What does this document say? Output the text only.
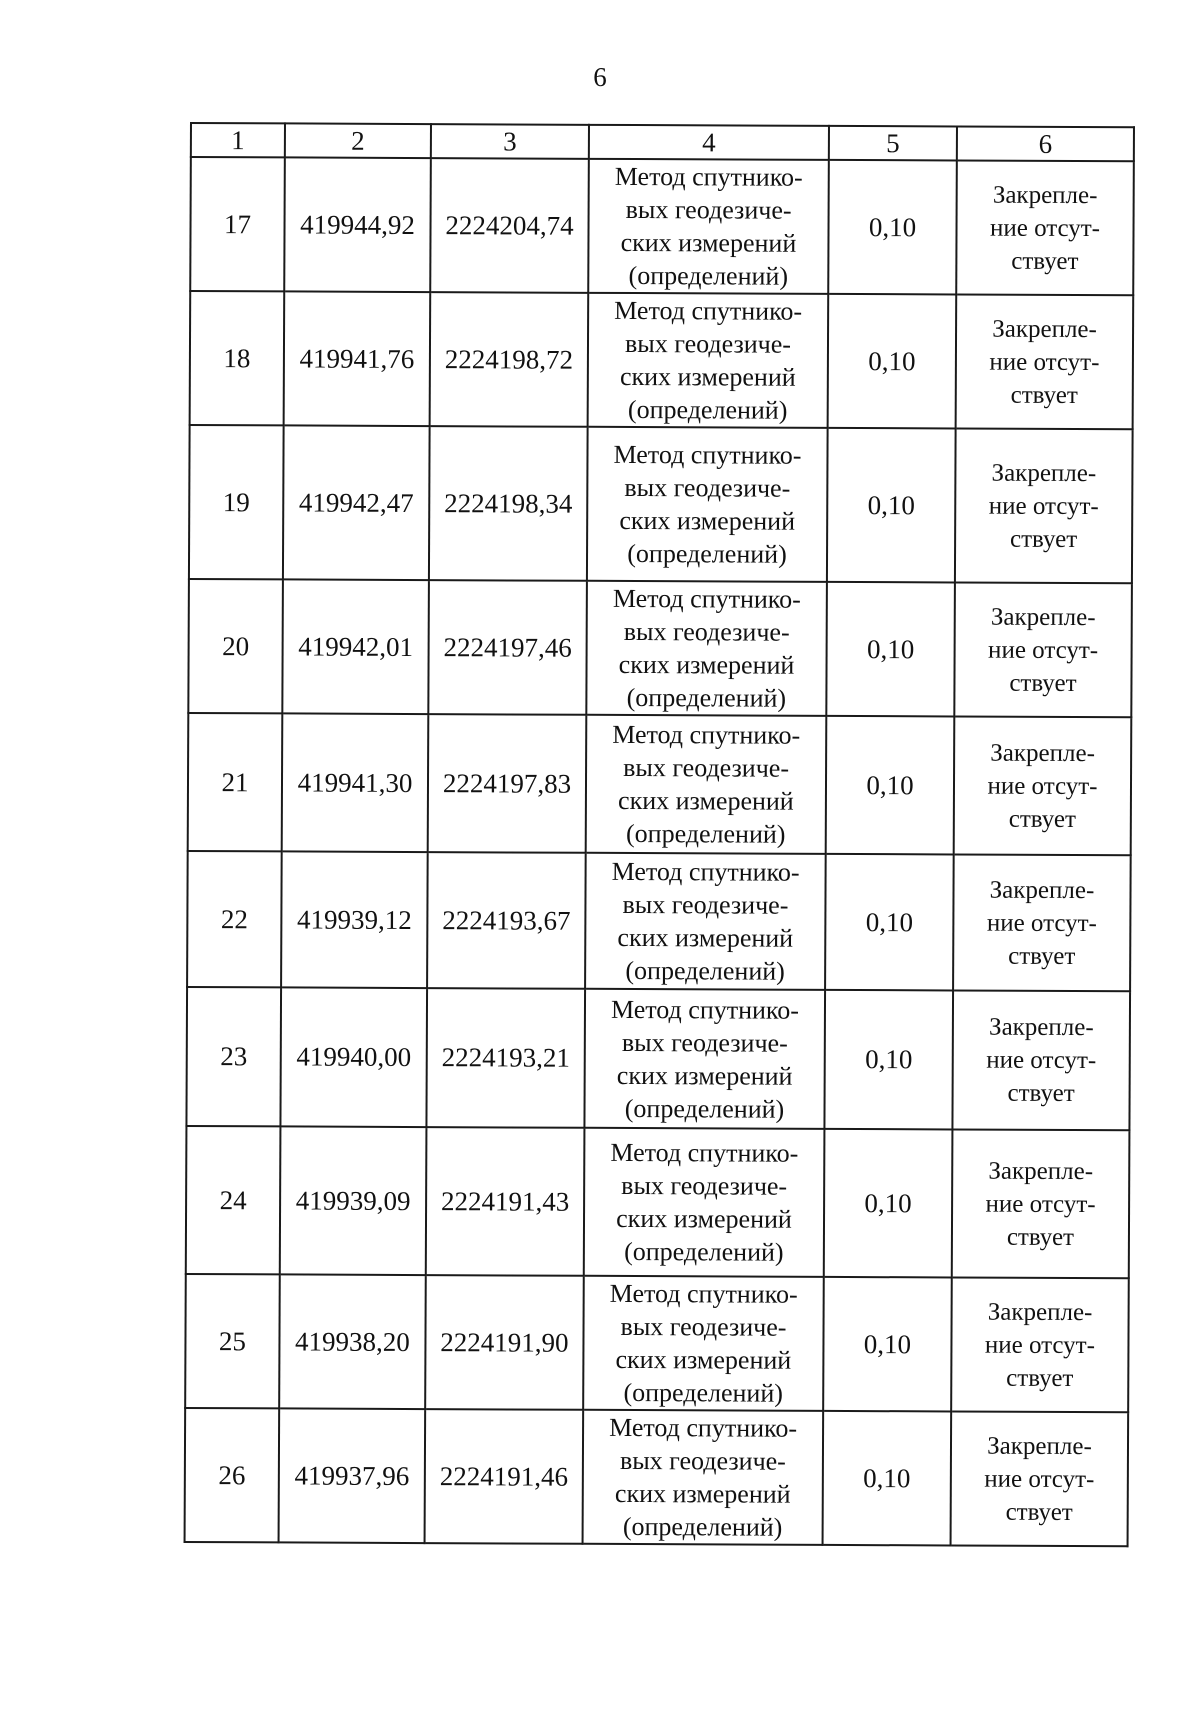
6
1	2	3	4	5	6
17	419944,92	2224204,74	Метод спутнико-
вых геодезиче-
ских измерений
(определений)	0,10	Закрепле-
ние отсут-
ствует
18	419941,76	2224198,72	Метод спутнико-
вых геодезиче-
ских измерений
(определений)	0,10	Закрепле-
ние отсут-
ствует
19	419942,47	2224198,34	Метод спутнико-
вых геодезиче-
ских измерений
(определений)	0,10	Закрепле-
ние отсут-
ствует
20	419942,01	2224197,46	Метод спутнико-
вых геодезиче-
ских измерений
(определений)	0,10	Закрепле-
ние отсут-
ствует
21	419941,30	2224197,83	Метод спутнико-
вых геодезиче-
ских измерений
(определений)	0,10	Закрепле-
ние отсут-
ствует
22	419939,12	2224193,67	Метод спутнико-
вых геодезиче-
ских измерений
(определений)	0,10	Закрепле-
ние отсут-
ствует
23	419940,00	2224193,21	Метод спутнико-
вых геодезиче-
ских измерений
(определений)	0,10	Закрепле-
ние отсут-
ствует
24	419939,09	2224191,43	Метод спутнико-
вых геодезиче-
ских измерений
(определений)	0,10	Закрепле-
ние отсут-
ствует
25	419938,20	2224191,90	Метод спутнико-
вых геодезиче-
ских измерений
(определений)	0,10	Закрепле-
ние отсут-
ствует
26	419937,96	2224191,46	Метод спутнико-
вых геодезиче-
ских измерений
(определений)	0,10	Закрепле-
ние отсут-
ствует
